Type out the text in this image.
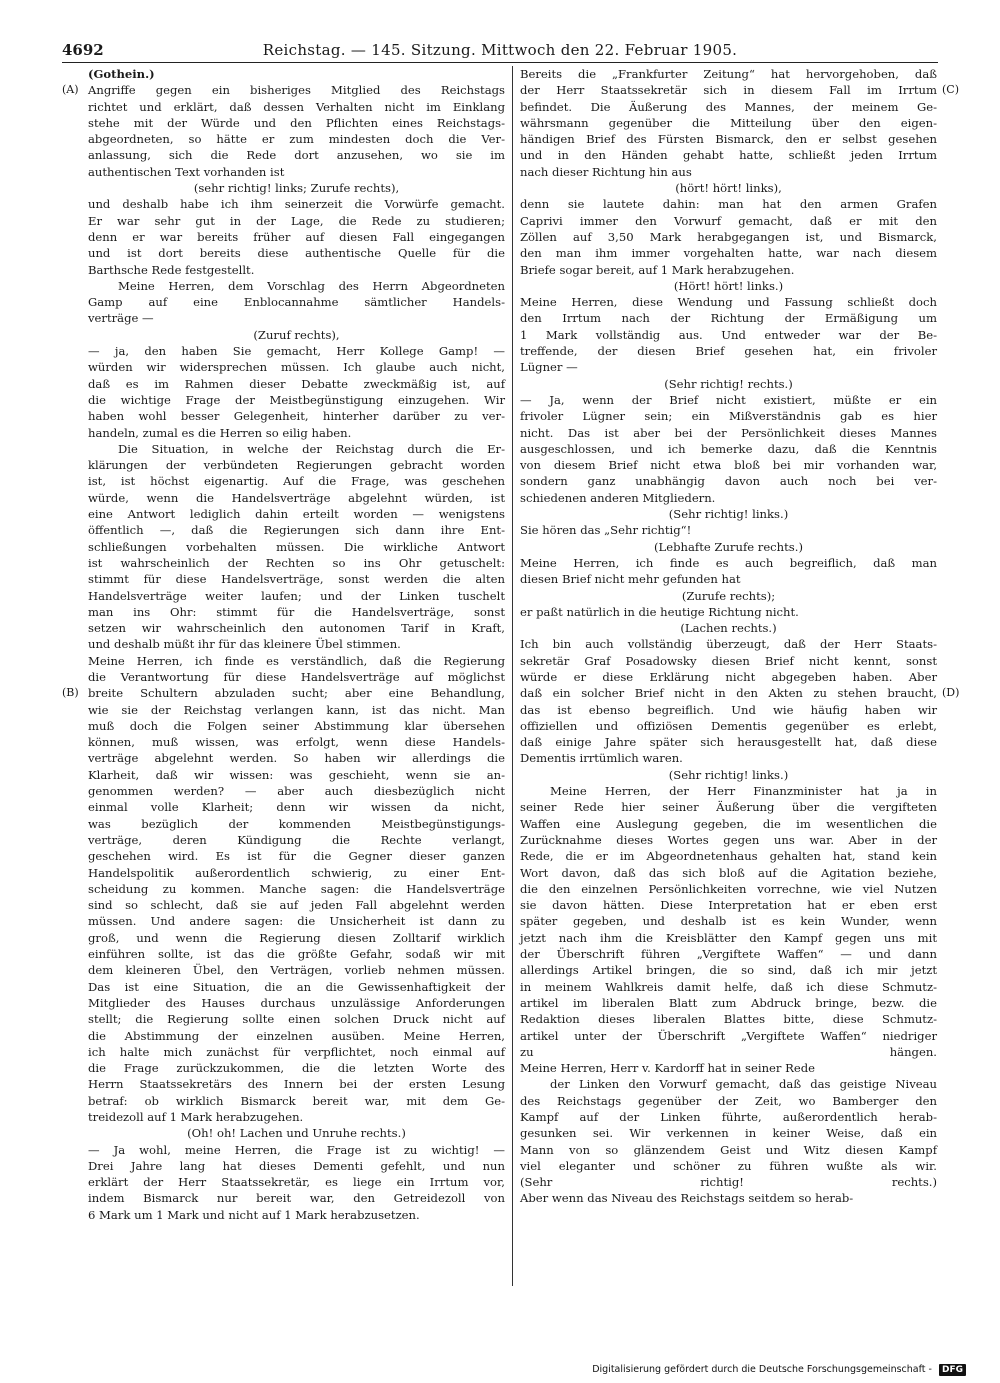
4692	Reichstag. — 145. Sitzung. Mittwoch den 22. Februar 1905.
(A)
(B)
(C)
(D)
(Gothein.)
Angriffe gegen ein bisheriges Mitglied des Reichstags
richtet und erklärt, daß dessen Verhalten nicht im Einklang
stehe mit der Würde und den Pflichten eines Reichstags-
abgeordneten, so hätte er zum mindesten doch die Ver-
anlassung, sich die Rede dort anzusehen, wo sie im
authentischen Text vorhanden ist
(sehr richtig! links; Zurufe rechts),
und deshalb habe ich ihm seinerzeit die Vorwürfe gemacht.
Er war sehr gut in der Lage, die Rede zu studieren;
denn er war bereits früher auf diesen Fall eingegangen
und ist dort bereits diese authentische Quelle für die
Barthsche Rede festgestellt.
Meine Herren, dem Vorschlag des Herrn Abgeordneten
Gamp auf eine Enblocannahme sämtlicher Handels-
verträge —
(Zuruf rechts),
— ja, den haben Sie gemacht, Herr Kollege Gamp! —
würden wir widersprechen müssen. Ich glaube auch nicht,
daß es im Rahmen dieser Debatte zweckmäßig ist, auf
die wichtige Frage der Meistbegünstigung einzugehen. Wir
haben wohl besser Gelegenheit, hinterher darüber zu ver-
handeln, zumal es die Herren so eilig haben.
Die Situation, in welche der Reichstag durch die Er-
klärungen der verbündeten Regierungen gebracht worden
ist, ist höchst eigenartig. Auf die Frage, was geschehen
würde, wenn die Handelsverträge abgelehnt würden, ist
eine Antwort lediglich dahin erteilt worden — wenigstens
öffentlich —, daß die Regierungen sich dann ihre Ent-
schließungen vorbehalten müssen. Die wirkliche Antwort
ist wahrscheinlich der Rechten so ins Ohr getuschelt:
stimmt für diese Handelsverträge, sonst werden die alten
Handelsverträge weiter laufen; und der Linken tuschelt
man ins Ohr: stimmt für die Handelsverträge, sonst
setzen wir wahrscheinlich den autonomen Tarif in Kraft,
und deshalb müßt ihr für das kleinere Übel stimmen.
Meine Herren, ich finde es verständlich, daß die Regierung
die Verantwortung für diese Handelsverträge auf möglichst
breite Schultern abzuladen sucht; aber eine Behandlung,
wie sie der Reichstag verlangen kann, ist das nicht. Man
muß doch die Folgen seiner Abstimmung klar übersehen
können, muß wissen, was erfolgt, wenn diese Handels-
verträge abgelehnt werden. So haben wir allerdings die
Klarheit, daß wir wissen: was geschieht, wenn sie an-
genommen werden? — aber auch diesbezüglich nicht
einmal volle Klarheit; denn wir wissen da nicht,
was bezüglich der kommenden Meistbegünstigungs-
verträge, deren Kündigung die Rechte verlangt,
geschehen wird. Es ist für die Gegner dieser ganzen
Handelspolitik außerordentlich schwierig, zu einer Ent-
scheidung zu kommen. Manche sagen: die Handelsverträge
sind so schlecht, daß sie auf jeden Fall abgelehnt werden
müssen. Und andere sagen: die Unsicherheit ist dann zu
groß, und wenn die Regierung diesen Zolltarif wirklich
einführen sollte, ist das die größte Gefahr, sodaß wir mit
dem kleineren Übel, den Verträgen, vorlieb nehmen müssen.
Das ist eine Situation, die an die Gewissenhaftigkeit der
Mitglieder des Hauses durchaus unzulässige Anforderungen
stellt; die Regierung sollte einen solchen Druck nicht auf
die Abstimmung der einzelnen ausüben. Meine Herren,
ich halte mich zunächst für verpflichtet, noch einmal auf
die Frage zurückzukommen, die die letzten Worte des
Herrn Staatssekretärs des Innern bei der ersten Lesung
betraf: ob wirklich Bismarck bereit war, mit dem Ge-
treidezoll auf 1 Mark herabzugehen.
(Oh! oh! Lachen und Unruhe rechts.)
— Ja wohl, meine Herren, die Frage ist zu wichtig! —
Drei Jahre lang hat dieses Dementi gefehlt, und nun
erklärt der Herr Staatssekretär, es liege ein Irrtum vor,
indem Bismarck nur bereit war, den Getreidezoll von
6 Mark um 1 Mark und nicht auf 1 Mark herabzusetzen.
Bereits die „Frankfurter Zeitung“ hat hervorgehoben, daß
der Herr Staatssekretär sich in diesem Fall im Irrtum
befindet. Die Äußerung des Mannes, der meinem Ge-
währsmann gegenüber die Mitteilung über den eigen-
händigen Brief des Fürsten Bismarck, den er selbst gesehen
und in den Händen gehabt hatte, schließt jeden Irrtum
nach dieser Richtung hin aus
(hört! hört! links),
denn sie lautete dahin: man hat den armen Grafen
Caprivi immer den Vorwurf gemacht, daß er mit den
Zöllen auf 3,50 Mark herabgegangen ist, und Bismarck,
den man ihm immer vorgehalten hatte, war nach diesem
Briefe sogar bereit, auf 1 Mark herabzugehen.
(Hört! hört! links.)
Meine Herren, diese Wendung und Fassung schließt doch
den Irrtum nach der Richtung der Ermäßigung um
1 Mark vollständig aus. Und entweder war der Be-
treffende, der diesen Brief gesehen hat, ein frivoler
Lügner —
(Sehr richtig! rechts.)
— Ja, wenn der Brief nicht existiert, müßte er ein
frivoler Lügner sein; ein Mißverständnis gab es hier
nicht. Das ist aber bei der Persönlichkeit dieses Mannes
ausgeschlossen, und ich bemerke dazu, daß die Kenntnis
von diesem Brief nicht etwa bloß bei mir vorhanden war,
sondern ganz unabhängig davon auch noch bei ver-
schiedenen anderen Mitgliedern.
(Sehr richtig! links.)
Sie hören das „Sehr richtig“!
(Lebhafte Zurufe rechts.)
Meine Herren, ich finde es auch begreiflich, daß man
diesen Brief nicht mehr gefunden hat
(Zurufe rechts);
er paßt natürlich in die heutige Richtung nicht.
(Lachen rechts.)
Ich bin auch vollständig überzeugt, daß der Herr Staats-
sekretär Graf Posadowsky diesen Brief nicht kennt, sonst
würde er diese Erklärung nicht abgegeben haben. Aber
daß ein solcher Brief nicht in den Akten zu stehen braucht,
das ist ebenso begreiflich. Und wie häufig haben wir
offiziellen und offiziösen Dementis gegenüber es erlebt,
daß einige Jahre später sich herausgestellt hat, daß diese
Dementis irrtümlich waren.
(Sehr richtig! links.)
Meine Herren, der Herr Finanzminister hat ja in
seiner Rede hier seiner Äußerung über die vergifteten
Waffen eine Auslegung gegeben, die im wesentlichen die
Zurücknahme dieses Wortes gegen uns war. Aber in der
Rede, die er im Abgeordnetenhaus gehalten hat, stand kein
Wort davon, daß das sich bloß auf die Agitation beziehe,
die den einzelnen Persönlichkeiten vorrechne, wie viel Nutzen
sie davon hätten. Diese Interpretation hat er eben erst
später gegeben, und deshalb ist es kein Wunder, wenn
jetzt nach ihm die Kreisblätter den Kampf gegen uns mit
der Überschrift führen „Vergiftete Waffen“ — und dann
allerdings Artikel bringen, die so sind, daß ich mir jetzt
in meinem Wahlkreis damit helfe, daß ich diese Schmutz-
artikel im liberalen Blatt zum Abdruck bringe, bezw. die
Redaktion dieses liberalen Blattes bitte, diese Schmutz-
artikel unter der Überschrift „Vergiftete Waffen“ niedriger
zu hängen.
Meine Herren, Herr v. Kardorff hat in seiner Rede
der Linken den Vorwurf gemacht, daß das geistige Niveau
des Reichstags gegenüber der Zeit, wo Bamberger den
Kampf auf der Linken führte, außerordentlich herab-
gesunken sei. Wir verkennen in keiner Weise, daß ein
Mann von so glänzendem Geist und Witz diesen Kampf
viel eleganter und schöner zu führen wußte als wir.
(Sehr richtig! rechts.)
Aber wenn das Niveau des Reichstags seitdem so herab-
Digitalisierung gefördert durch die Deutsche Forschungsgemeinschaft - DFG
